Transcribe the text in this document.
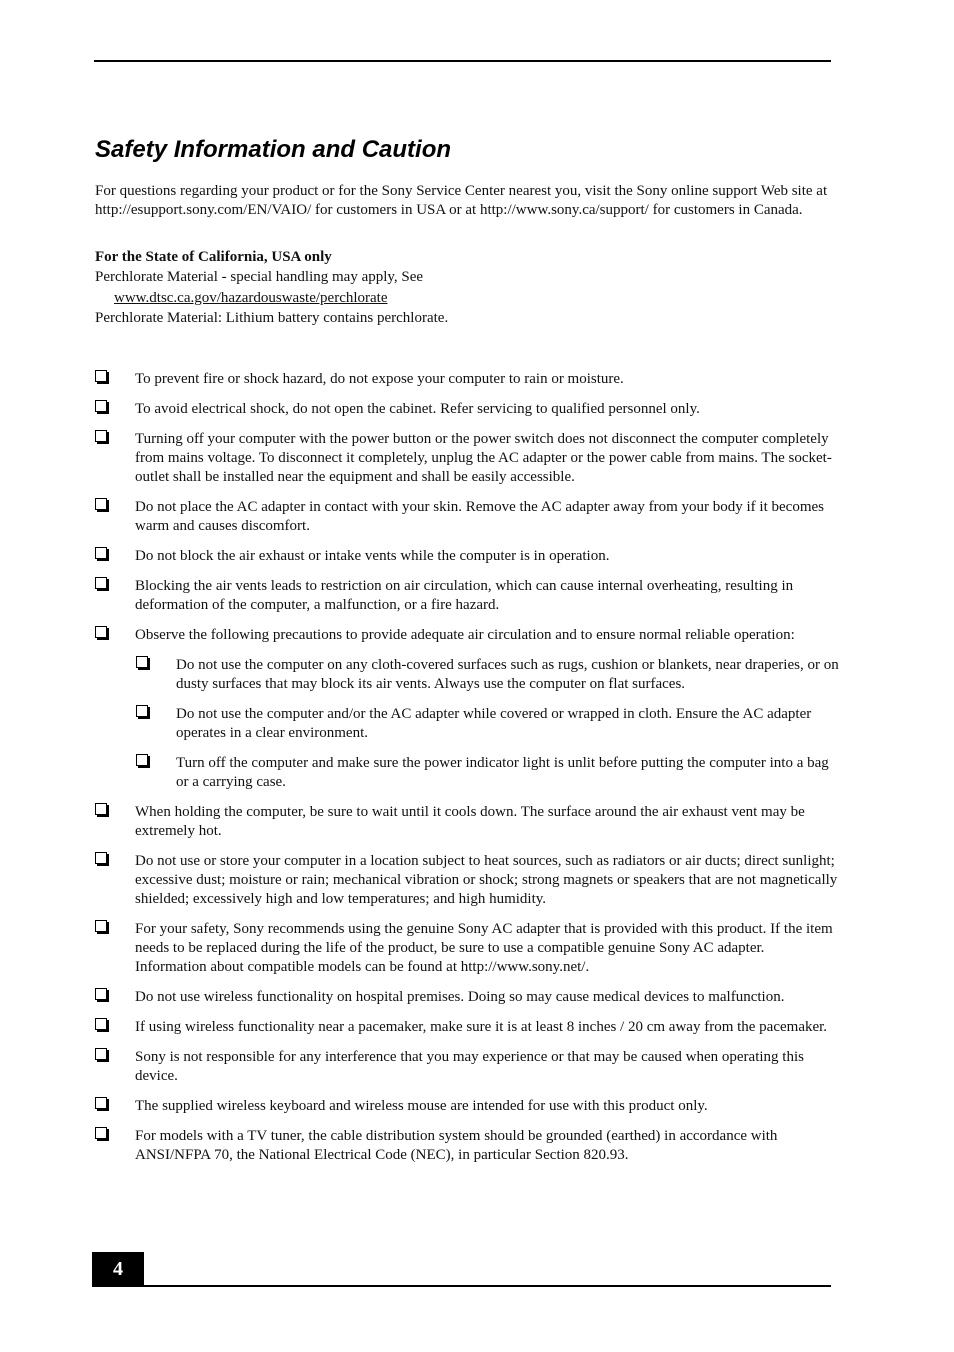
Safety Information and Caution

For questions regarding your product or for the Sony Service Center nearest you, visit the Sony online support Web site at http://esupport.sony.com/EN/VAIO/ for customers in USA or at http://www.sony.ca/support/ for customers in Canada.

For the State of California, USA only

Perchlorate Material - special handling may apply, See

www.dtsc.ca.gov/hazardouswaste/perchlorate

Perchlorate Material: Lithium battery contains perchlorate.

To prevent fire or shock hazard, do not expose your computer to rain or moisture.
To avoid electrical shock, do not open the cabinet. Refer servicing to qualified personnel only.
Turning off your computer with the power button or the power switch does not disconnect the computer completely from mains voltage. To disconnect it completely, unplug the AC adapter or the power cable from mains. The socket-outlet shall be installed near the equipment and shall be easily accessible.
Do not place the AC adapter in contact with your skin. Remove the AC adapter away from your body if it becomes warm and causes discomfort.
Do not block the air exhaust or intake vents while the computer is in operation.
Blocking the air vents leads to restriction on air circulation, which can cause internal overheating, resulting in deformation of the computer, a malfunction, or a fire hazard.
Observe the following precautions to provide adequate air circulation and to ensure normal reliable operation:
Do not use the computer on any cloth-covered surfaces such as rugs, cushion or blankets, near draperies, or on dusty surfaces that may block its air vents. Always use the computer on flat surfaces.
Do not use the computer and/or the AC adapter while covered or wrapped in cloth. Ensure the AC adapter operates in a clear environment.
Turn off the computer and make sure the power indicator light is unlit before putting the computer into a bag or a carrying case.
When holding the computer, be sure to wait until it cools down. The surface around the air exhaust vent may be extremely hot.
Do not use or store your computer in a location subject to heat sources, such as radiators or air ducts; direct sunlight; excessive dust; moisture or rain; mechanical vibration or shock; strong magnets or speakers that are not magnetically shielded; excessively high and low temperatures; and high humidity.
For your safety, Sony recommends using the genuine Sony AC adapter that is provided with this product. If the item needs to be replaced during the life of the product, be sure to use a compatible genuine Sony AC adapter. Information about compatible models can be found at http://www.sony.net/.
Do not use wireless functionality on hospital premises. Doing so may cause medical devices to malfunction.
If using wireless functionality near a pacemaker, make sure it is at least 8 inches / 20 cm away from the pacemaker.
Sony is not responsible for any interference that you may experience or that may be caused when operating this device.
The supplied wireless keyboard and wireless mouse are intended for use with this product only.
For models with a TV tuner, the cable distribution system should be grounded (earthed) in accordance with ANSI/NFPA 70, the National Electrical Code (NEC), in particular Section 820.93.
4
